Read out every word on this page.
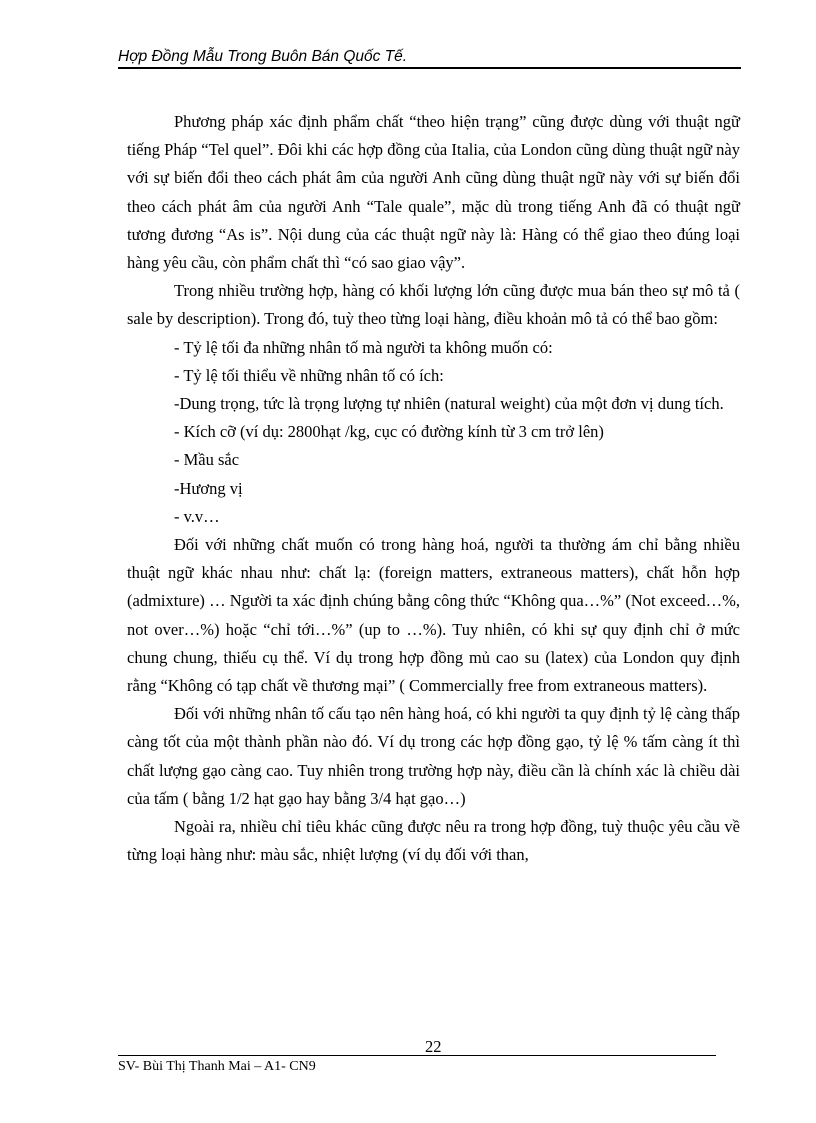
Hợp Đồng Mẫu Trong Buôn Bán Quốc Tế.

Phương pháp xác định phẩm chất “theo hiện trạng” cũng được dùng với thuật ngữ tiếng Pháp “Tel quel”. Đôi khi các hợp đồng của Italia, của London cũng dùng thuật ngữ này với sự biến đổi theo cách phát âm của người Anh cũng dùng thuật ngữ này với sự biến đổi theo cách phát âm của người Anh “Tale quale”, mặc dù trong tiếng Anh đã có thuật ngữ tương đương “As is”. Nội dung của các thuật ngữ này là: Hàng có thể giao theo đúng loại hàng yêu cầu, còn phẩm chất thì “có sao giao vậy”.

Trong nhiều trường hợp, hàng có khối lượng lớn cũng được mua bán theo sự mô tả ( sale by description). Trong đó, tuỳ theo từng loại hàng, điều khoản mô tả có thể bao gồm:

- Tỷ lệ tối đa những nhân tố mà người ta không muốn có:

- Tỷ lệ tối thiểu về những nhân tố có ích:

-Dung trọng, tức là trọng lượng tự nhiên (natural weight) của một đơn vị dung tích.

- Kích cỡ (ví dụ: 2800hạt /kg, cục có đường kính từ 3 cm trở lên)

- Mầu sắc

-Hương vị

- v.v…

Đối với những chất muốn có trong hàng hoá, người ta thường ám chỉ bằng nhiều thuật ngữ khác nhau như: chất lạ: (foreign matters, extraneous matters), chất hỗn hợp (admixture) … Người ta xác định chúng bằng công thức “Không qua…%” (Not exceed…%, not over…%) hoặc “chỉ tới…%” (up to …%). Tuy nhiên, có khi sự quy định chỉ ở mức chung chung, thiếu cụ thể. Ví dụ trong hợp đồng mủ cao su (latex) của London quy định rằng “Không có tạp chất về thương mại” ( Commercially free from extraneous matters).

Đối với những nhân tố cấu tạo nên hàng hoá, có khi người ta quy định tỷ lệ càng thấp càng tốt của một thành phần nào đó. Ví dụ trong các hợp đồng gạo, tỷ lệ % tấm càng ít thì chất lượng gạo càng cao. Tuy nhiên trong trường hợp này, điều cần là chính xác là chiều dài của tấm ( bằng 1/2 hạt gạo hay bằng 3/4 hạt gạo…)

Ngoài ra, nhiều chỉ tiêu khác cũng được nêu ra trong hợp đồng, tuỳ thuộc yêu cầu về từng loại hàng như: màu sắc, nhiệt lượng (ví dụ đối với than,

22
SV- Bùi Thị Thanh Mai – A1- CN9
